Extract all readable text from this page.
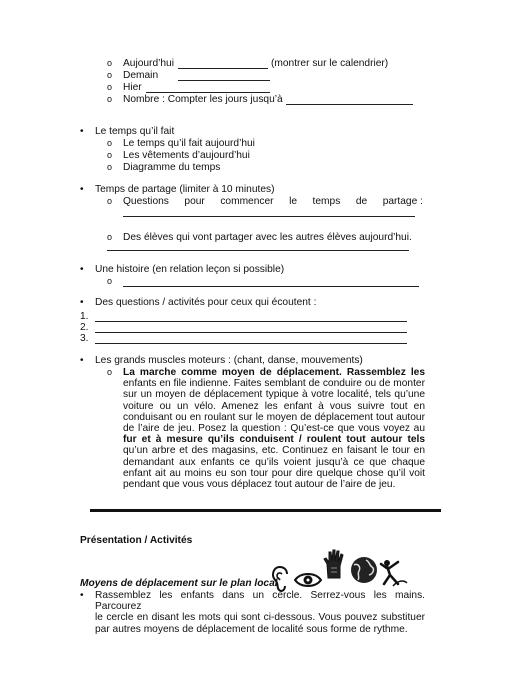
o Aujourd’hui	(montrer sur le calendrier)
o Demain
o Hier
o Nombre : Compter les jours jusqu’à
• Le temps qu’il fait
o Le temps qu’il fait aujourd’hui
o Les vêtements d’aujourd’hui
o Diagramme du temps
• Temps de partage (limiter à 10 minutes)
o Questions pour commencer le temps de partage :
o Des élèves qui vont partager avec les autres élèves aujourd’hui.
• Une histoire (en relation leçon si possible)
o
• Des questions / activités pour ceux qui écoutent :
1.
2.
3.
• Les grands muscles moteurs : (chant, danse, mouvements)
o La marche comme moyen de déplacement. Rassemblez les
enfants en file indienne. Faites semblant de conduire ou de monter
sur un moyen de déplacement typique à votre localité, tels qu’une
voiture ou un vélo. Amenez les enfant à vous suivre tout en
conduisant ou en roulant sur le moyen de déplacement tout autour
de l’aire de jeu. Posez la question : Qu’est-ce que vous voyez au
fur et à mesure qu’ils conduisent / roulent tout autour tels
qu’un arbre et des magasins, etc. Continuez en faisant le tour en
demandant aux enfants ce qu’ils voient jusqu’à ce que chaque
enfant ait au moins eu son tour pour dire quelque chose qu’il voit
pendant que vous vous déplacez tout autour de l’aire de jeu.
Présentation / Activités
Moyens de déplacement sur le plan local
• Rassemblez les enfants dans un cercle. Serrez-vous les mains. Parcourez
le cercle en disant les mots qui sont ci-dessous. Vous pouvez substituer
par autres moyens de déplacement de localité sous forme de rythme.
